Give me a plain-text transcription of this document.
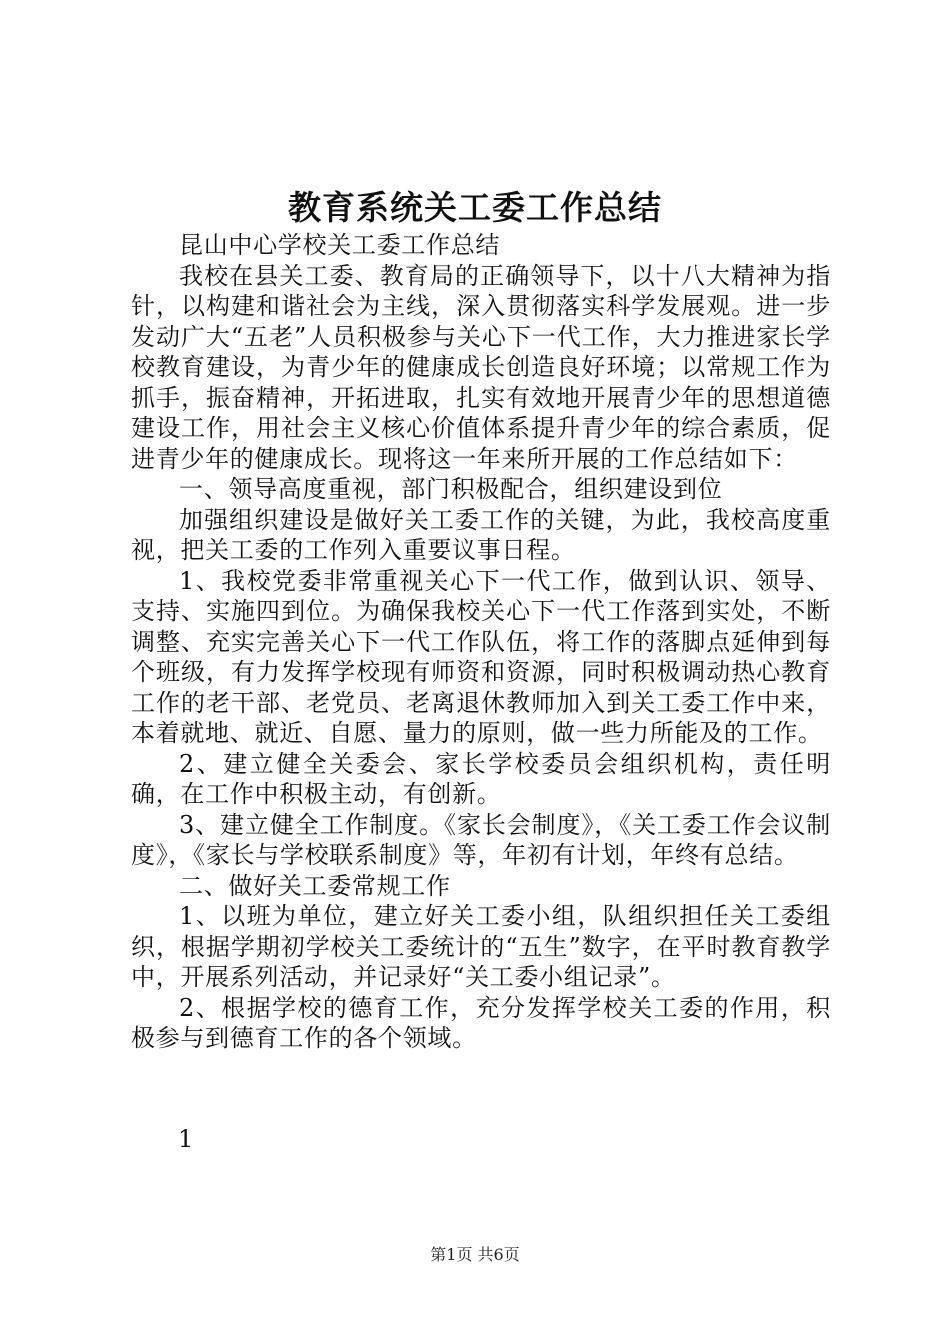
教育系统关工委工作总结

昆山中心学校关工委工作总结

我校在县关工委、教育局的正确领导下，以十八大精神为指针，以构建和谐社会为主线，深入贯彻落实科学发展观。进一步发动广大“五老”人员积极参与关心下一代工作，大力推进家长学校教育建设，为青少年的健康成长创造良好环境；以常规工作为抓手，振奋精神，开拓进取，扎实有效地开展青少年的思想道德建设工作，用社会主义核心价值体系提升青少年的综合素质，促进青少年的健康成长。现将这一年来所开展的工作总结如下：

一、领导高度重视，部门积极配合，组织建设到位

加强组织建设是做好关工委工作的关键，为此，我校高度重视，把关工委的工作列入重要议事日程。

1、我校党委非常重视关心下一代工作，做到认识、领导、支持、实施四到位。为确保我校关心下一代工作落到实处，不断调整、充实完善关心下一代工作队伍，将工作的落脚点延伸到每个班级，有力发挥学校现有师资和资源，同时积极调动热心教育工作的老干部、老党员、老离退休教师加入到关工委工作中来，本着就地、就近、自愿、量力的原则，做一些力所能及的工作。

2、建立健全关委会、家长学校委员会组织机构，责任明确，在工作中积极主动，有创新。

3、建立健全工作制度。《家长会制度》，《关工委工作会议制度》，《家长与学校联系制度》等，年初有计划，年终有总结。

二、做好关工委常规工作

1、以班为单位，建立好关工委小组，队组织担任关工委组织，根据学期初学校关工委统计的“五生”数字，在平时教育教学中，开展系列活动，并记录好“关工委小组记录”。

2、根据学校的德育工作，充分发挥学校关工委的作用，积极参与到德育工作的各个领域。

1
第1页 共6页
